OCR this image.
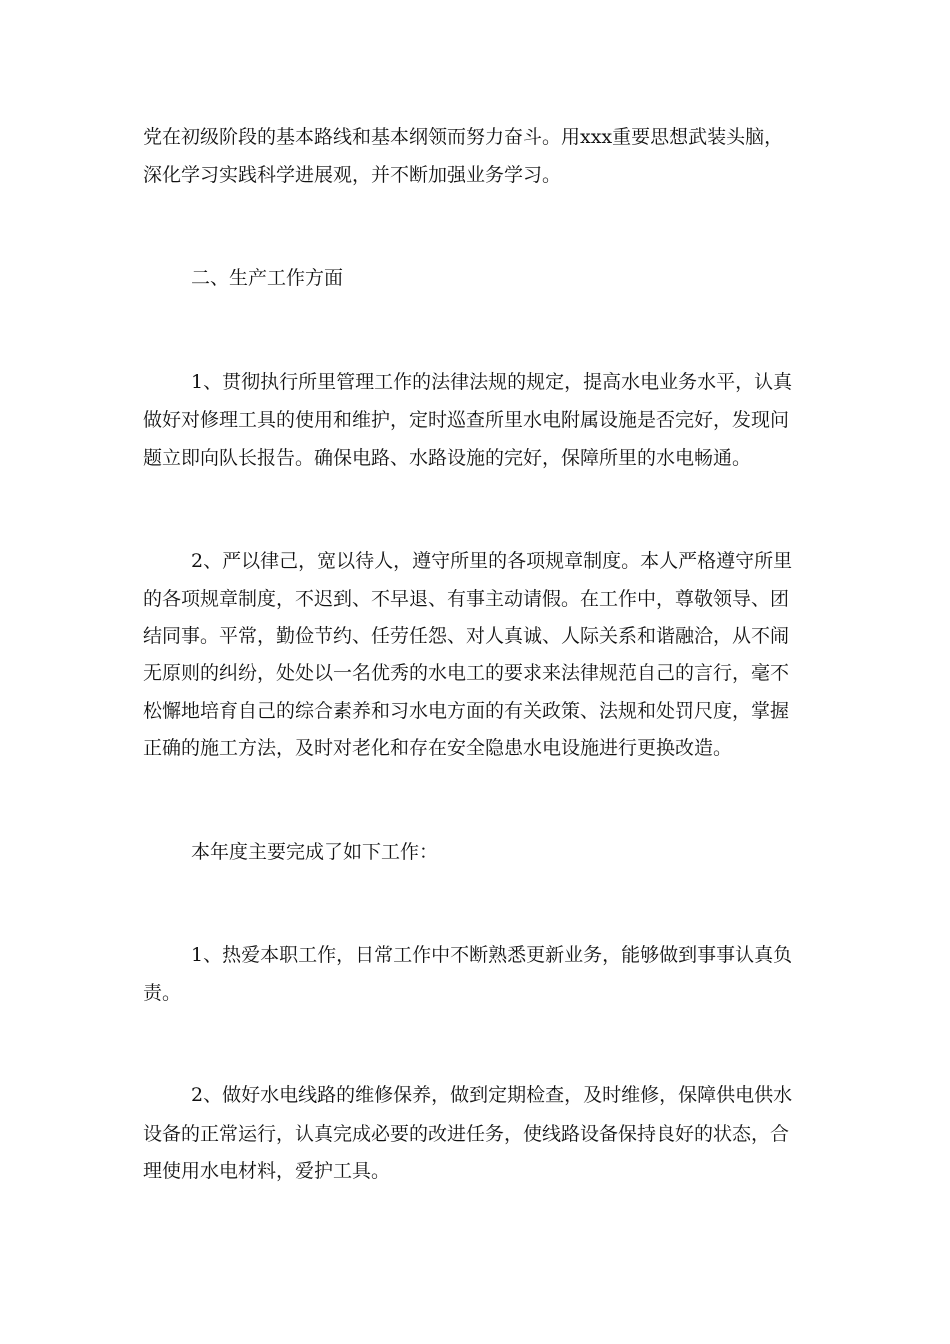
党在初级阶段的基本路线和基本纲领而努力奋斗。用xxx重要思想武装头脑，
深化学习实践科学进展观，并不断加强业务学习。
二、生产工作方面
1、贯彻执行所里管理工作的法律法规的规定，提高水电业务水平，认真
做好对修理工具的使用和维护，定时巡查所里水电附属设施是否完好，发现问
题立即向队长报告。确保电路、水路设施的完好，保障所里的水电畅通。
2、严以律己，宽以待人，遵守所里的各项规章制度。本人严格遵守所里
的各项规章制度，不迟到、不早退、有事主动请假。在工作中，尊敬领导、团
结同事。平常，勤俭节约、任劳任怨、对人真诚、人际关系和谐融洽，从不闹
无原则的纠纷，处处以一名优秀的水电工的要求来法律规范自己的言行，毫不
松懈地培育自己的综合素养和习水电方面的有关政策、法规和处罚尺度，掌握
正确的施工方法，及时对老化和存在安全隐患水电设施进行更换改造。
本年度主要完成了如下工作：
1、热爱本职工作，日常工作中不断熟悉更新业务，能够做到事事认真负
责。
2、做好水电线路的维修保养，做到定期检查，及时维修，保障供电供水
设备的正常运行，认真完成必要的改进任务，使线路设备保持良好的状态，合
理使用水电材料，爱护工具。
